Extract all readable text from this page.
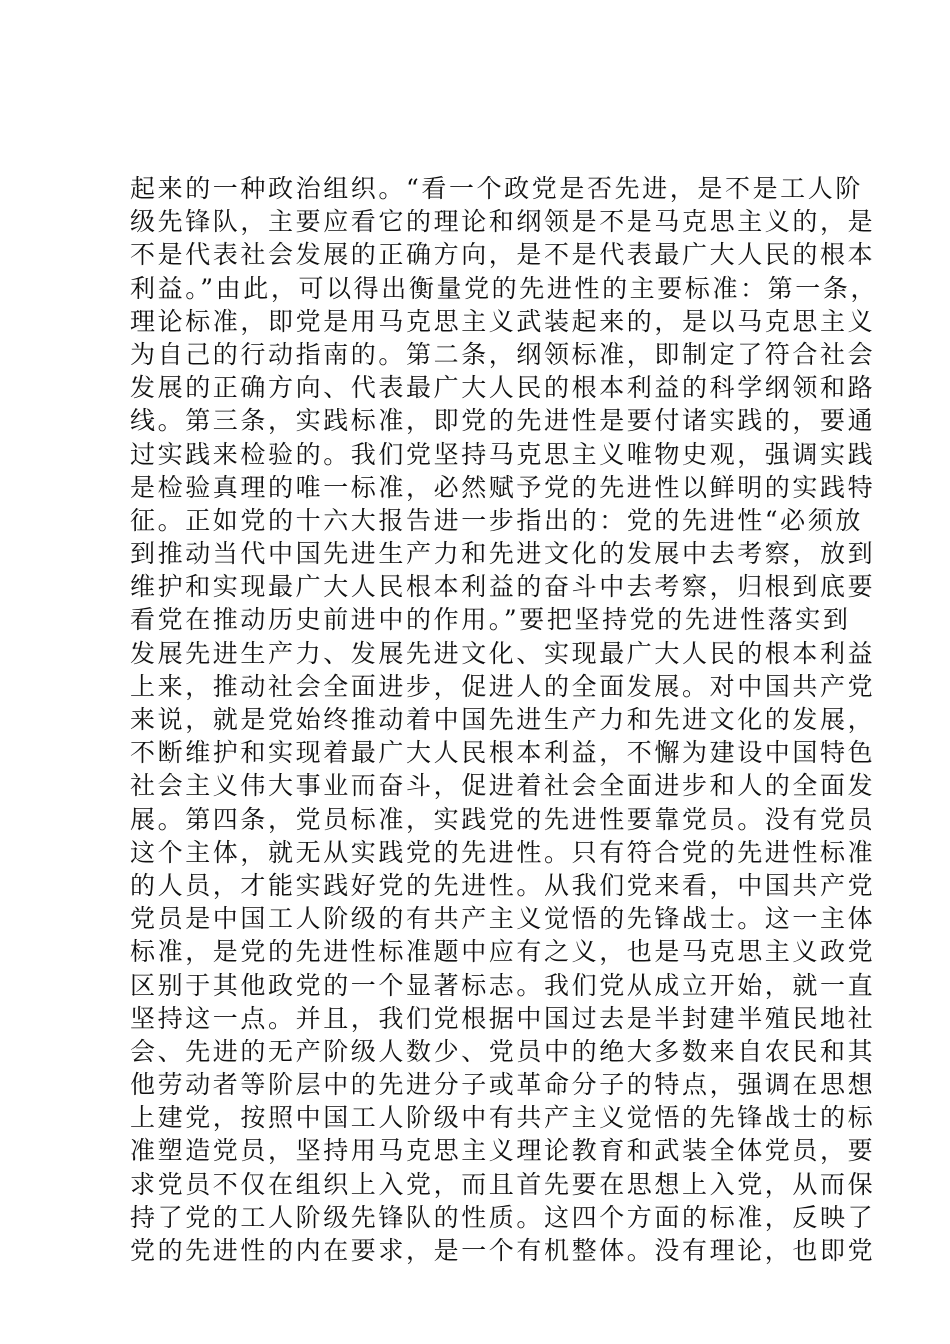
起来的一种政治组织。“看一个政党是否先进，是不是工人阶
级先锋队，主要应看它的理论和纲领是不是马克思主义的，是
不是代表社会发展的正确方向，是不是代表最广大人民的根本
利益。”由此，可以得出衡量党的先进性的主要标准：第一条，
理论标准，即党是用马克思主义武装起来的，是以马克思主义
为自己的行动指南的。第二条，纲领标准，即制定了符合社会
发展的正确方向、代表最广大人民的根本利益的科学纲领和路
线。第三条，实践标准，即党的先进性是要付诸实践的，要通
过实践来检验的。我们党坚持马克思主义唯物史观，强调实践
是检验真理的唯一标准，必然赋予党的先进性以鲜明的实践特
征。正如党的十六大报告进一步指出的：党的先进性“必须放
到推动当代中国先进生产力和先进文化的发展中去考察，放到
维护和实现最广大人民根本利益的奋斗中去考察，归根到底要
看党在推动历史前进中的作用。”要把坚持党的先进性落实到
发展先进生产力、发展先进文化、实现最广大人民的根本利益
上来，推动社会全面进步，促进人的全面发展。对中国共产党
来说，就是党始终推动着中国先进生产力和先进文化的发展，
不断维护和实现着最广大人民根本利益，不懈为建设中国特色
社会主义伟大事业而奋斗，促进着社会全面进步和人的全面发
展。第四条，党员标准，实践党的先进性要靠党员。没有党员
这个主体，就无从实践党的先进性。只有符合党的先进性标准
的人员，才能实践好党的先进性。从我们党来看，中国共产党
党员是中国工人阶级的有共产主义觉悟的先锋战士。这一主体
标准，是党的先进性标准题中应有之义，也是马克思主义政党
区别于其他政党的一个显著标志。我们党从成立开始，就一直
坚持这一点。并且，我们党根据中国过去是半封建半殖民地社
会、先进的无产阶级人数少、党员中的绝大多数来自农民和其
他劳动者等阶层中的先进分子或革命分子的特点，强调在思想
上建党，按照中国工人阶级中有共产主义觉悟的先锋战士的标
准塑造党员，坚持用马克思主义理论教育和武装全体党员，要
求党员不仅在组织上入党，而且首先要在思想上入党，从而保
持了党的工人阶级先锋队的性质。这四个方面的标准，反映了
党的先进性的内在要求，是一个有机整体。没有理论，也即党
